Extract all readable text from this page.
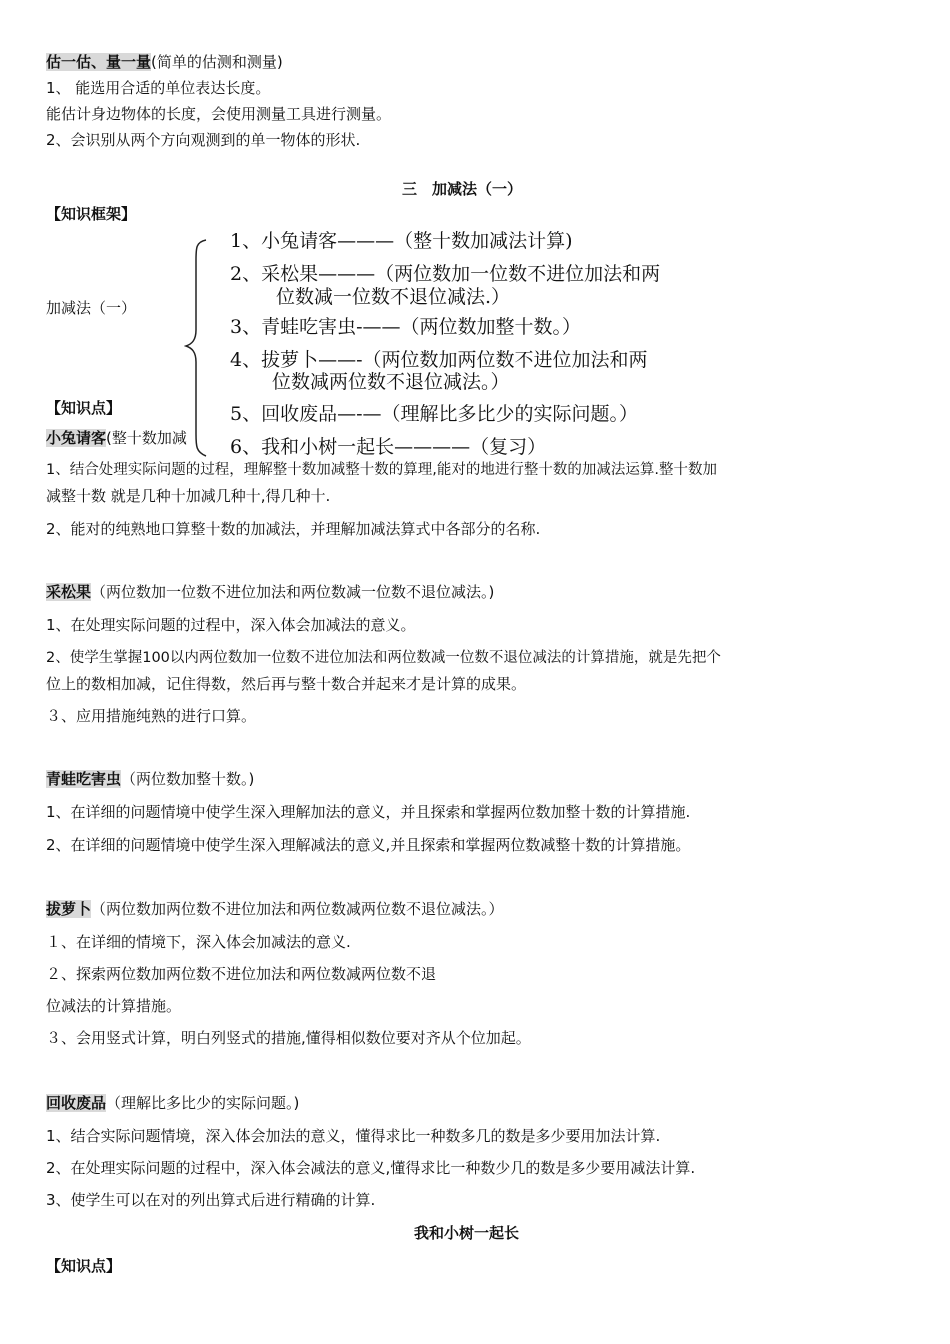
估一估、量一量(简单的估测和测量)
1、 能选用合适的单位表达长度。
能估计身边物体的长度，会使用测量工具进行测量。
2、会识别从两个方向观测到的单一物体的形状.
三　加减法（一）
【知识框架】
加减法（一）
1、小兔请客———（整十数加减法计算)
2、采松果———（两位数加一位数不进位加法和两
位数减一位数不退位减法.）
3、青蛙吃害虫-——（两位数加整十数。）
4、拔萝卜——-（两位数加两位数不进位加法和两
位数减两位数不退位减法。）
5、回收废品—-—（理解比多比少的实际问题。）
6、我和小树一起长————（复习）
【知识点】
小兔请客(整十数加减
1、结合处理实际问题的过程，理解整十数加减整十数的算理,能对的地进行整十数的加减法运算.整十数加
减整十数 就是几种十加减几种十,得几种十.
2、能对的纯熟地口算整十数的加减法，并理解加减法算式中各部分的名称.
采松果（两位数加一位数不进位加法和两位数减一位数不退位减法。)
1、在处理实际问题的过程中，深入体会加减法的意义。
2、使学生掌握100以内两位数加一位数不进位加法和两位数减一位数不退位减法的计算措施，就是先把个
位上的数相加减，记住得数，然后再与整十数合并起来才是计算的成果。
３、应用措施纯熟的进行口算。
青蛙吃害虫（两位数加整十数。)
1、在详细的问题情境中使学生深入理解加法的意义，并且探索和掌握两位数加整十数的计算措施.
2、在详细的问题情境中使学生深入理解减法的意义,并且探索和掌握两位数减整十数的计算措施。
拔萝卜（两位数加两位数不进位加法和两位数减两位数不退位减法。）
１、在详细的情境下，深入体会加减法的意义.
２、探索两位数加两位数不进位加法和两位数减两位数不退
位减法的计算措施。
３、会用竖式计算，明白列竖式的措施,懂得相似数位要对齐从个位加起。
回收废品（理解比多比少的实际问题。)
1、结合实际问题情境，深入体会加法的意义，懂得求比一种数多几的数是多少要用加法计算.
2、在处理实际问题的过程中，深入体会减法的意义,懂得求比一种数少几的数是多少要用减法计算.
3、使学生可以在对的列出算式后进行精确的计算.
我和小树一起长
【知识点】
